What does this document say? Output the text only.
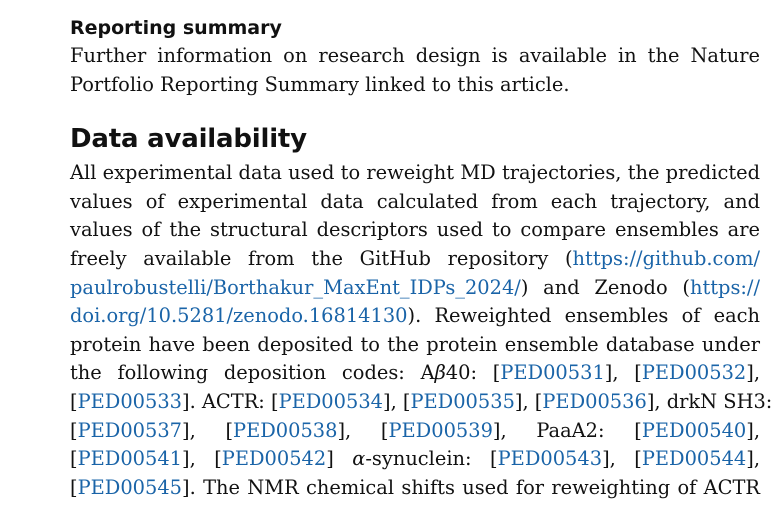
Reporting summary

Further information on research design is available in the Nature
Portfolio Reporting Summary linked to this article.

Data availability

All experimental data used to reweight MD trajectories, the predicted
values of experimental data calculated from each trajectory, and
values of the structural descriptors used to compare ensembles are
freely available from the GitHub repository (https://github.com/
paulrobustelli/Borthakur_MaxEnt_IDPs_2024/) and Zenodo (https://
doi.org/10.5281/zenodo.16814130). Reweighted ensembles of each
protein have been deposited to the protein ensemble database under
the following deposition codes: Aβ40: [PED00531], [PED00532],
[PED00533]. ACTR: [PED00534], [PED00535], [PED00536], drkN SH3:
[PED00537], [PED00538], [PED00539], PaaA2: [PED00540],
[PED00541], [PED00542] α-synuclein: [PED00543], [PED00544],
[PED00545]. The NMR chemical shifts used for reweighting of ACTR
